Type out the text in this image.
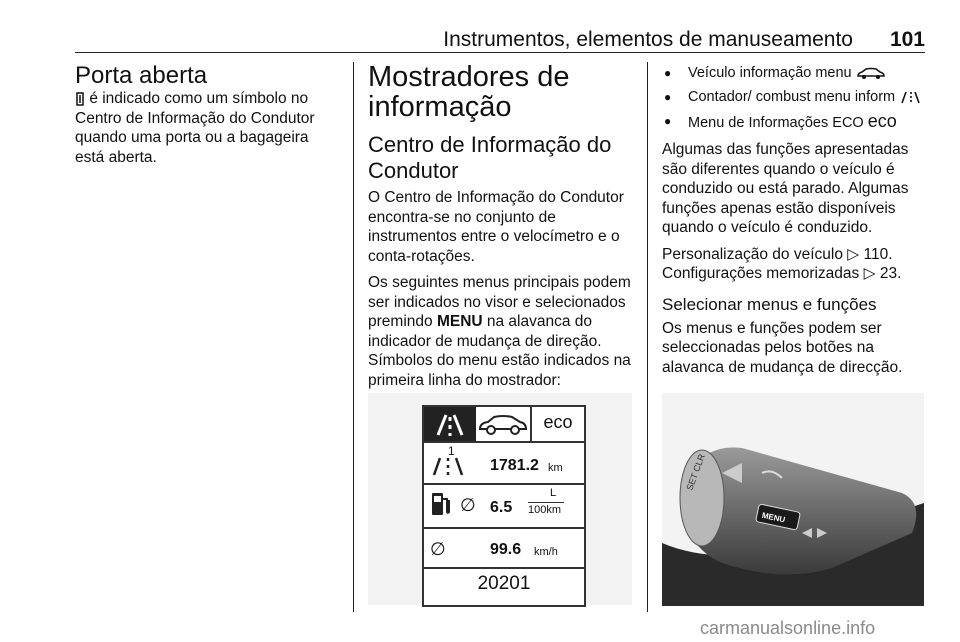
Instrumentos, elementos de manuseamento 101
Porta aberta

é indicado como um símbolo no Centro de Informação do Condutor quando uma porta ou a bagageira está aberta.

Mostradores de informação
Centro de Informação do Condutor

O Centro de Informação do Condutor encontra-se no conjunto de instrumentos entre o velocímetro e o conta-rotações.

Os seguintes menus principais podem ser indicados no visor e selecionados premindo MENU na alavanca do indicador de mudança de direção. Símbolos do menu estão indicados na primeira linha do mostrador:

eco
1
1781.2 km
∅ 6.5
L
100km
∅	99.6 km/h
20201
● Veículo informação menu
● Contador/ combust menu inform
● Menu de Informações ECO eco

Algumas das funções apresentadas são diferentes quando o veículo é conduzido ou está parado. Algumas funções apenas estão disponíveis quando o veículo é conduzido.

Personalização do veículo ▷ 110.
Configurações memorizadas ▷ 23.

Selecionar menus e funções

Os menus e funções podem ser seleccionadas pelos botões na alavanca de mudança de direcção.

SET CLR
MENU
carmanualsonline.info
